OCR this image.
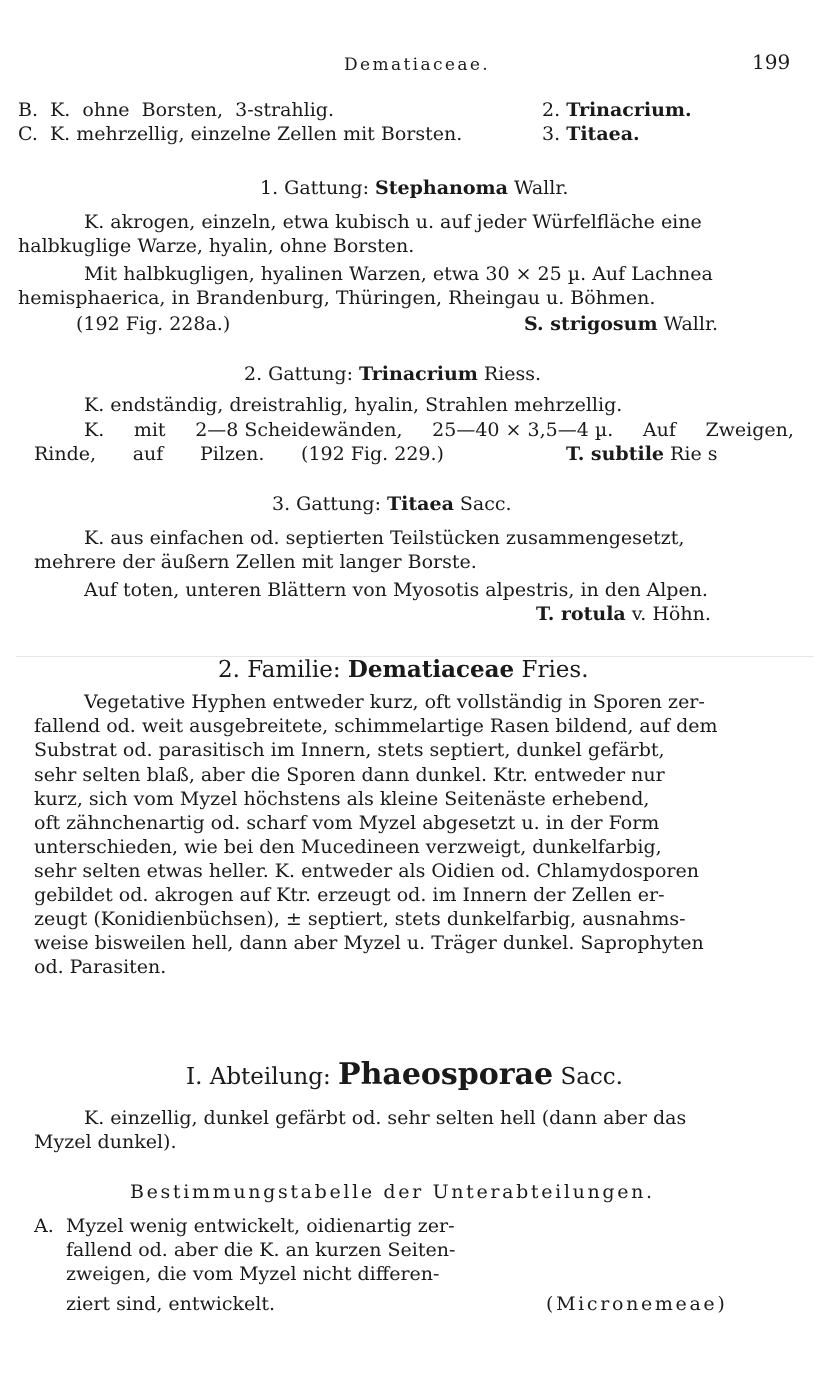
Dematiaceae.	199
B.  K.  ohne  Borsten,  3-strahlig.	2. Trinacrium.
C.  K. mehrzellig, einzelne Zellen mit Borsten.	3. Titaea.
1. Gattung: Stephanoma Wallr.
K. akrogen, einzeln, etwa kubisch u. auf jeder Würfelfläche eine
halbkuglige Warze, hyalin, ohne Borsten.
Mit halbkugligen, hyalinen Warzen, etwa 30 × 25 µ. Auf Lachnea
hemisphaerica, in Brandenburg, Thüringen, Rheingau u. Böhmen.
(192 Fig. 228a.)	S. strigosum Wallr.
2. Gattung: Trinacrium Riess.
K. endständig, dreistrahlig, hyalin, Strahlen mehrzellig.
K. mit 2—8 Scheidewänden, 25—40 × 3,5—4 µ. Auf Zweigen,
Rinde, auf Pilzen. (192 Fig. 229.)	T. subtile Rie s
3. Gattung: Titaea Sacc.
K. aus einfachen od. septierten Teilstücken zusammengesetzt,
mehrere der äußern Zellen mit langer Borste.
Auf toten, unteren Blättern von Myosotis alpestris, in den Alpen.
T. rotula v. Höhn.
2. Familie: Dematiaceae Fries.
Vegetative Hyphen entweder kurz, oft vollständig in Sporen zer-
fallend od. weit ausgebreitete, schimmelartige Rasen bildend, auf dem
Substrat od. parasitisch im Innern, stets septiert, dunkel gefärbt,
sehr selten blaß, aber die Sporen dann dunkel. Ktr. entweder nur
kurz, sich vom Myzel höchstens als kleine Seitenäste erhebend,
oft zähnchenartig od. scharf vom Myzel abgesetzt u. in der Form
unterschieden, wie bei den Mucedineen verzweigt, dunkelfarbig,
sehr selten etwas heller. K. entweder als Oidien od. Chlamydosporen
gebildet od. akrogen auf Ktr. erzeugt od. im Innern der Zellen er-
zeugt (Konidienbüchsen), ± septiert, stets dunkelfarbig, ausnahms-
weise bisweilen hell, dann aber Myzel u. Träger dunkel. Saprophyten
od. Parasiten.
I. Abteilung: Phaeosporae Sacc.
K. einzellig, dunkel gefärbt od. sehr selten hell (dann aber das
Myzel dunkel).
Bestimmungstabelle der Unterabteilungen.
A. Myzel wenig entwickelt, oidienartig zer-
fallend od. aber die K. an kurzen Seiten-
zweigen, die vom Myzel nicht differen-
ziert sind, entwickelt.	(Micronemeae)
